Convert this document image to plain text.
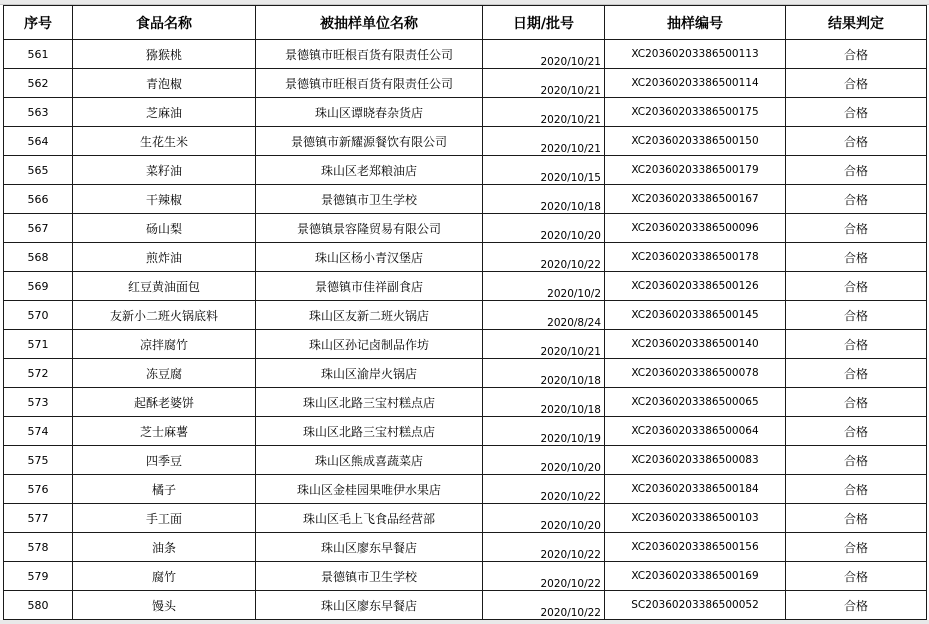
序号	食品名称	被抽样单位名称	日期/批号	抽样编号	结果判定
561	猕猴桃	景德镇市旺根百货有限责任公司	2020/10/21	XC20360203386500113	合格
562	青泡椒	景德镇市旺根百货有限责任公司	2020/10/21	XC20360203386500114	合格
563	芝麻油	珠山区谭晓春杂货店	2020/10/21	XC20360203386500175	合格
564	生花生米	景德镇市新耀源餐饮有限公司	2020/10/21	XC20360203386500150	合格
565	菜籽油	珠山区老郑粮油店	2020/10/15	XC20360203386500179	合格
566	干辣椒	景德镇市卫生学校	2020/10/18	XC20360203386500167	合格
567	砀山梨	景德镇景容隆贸易有限公司	2020/10/20	XC20360203386500096	合格
568	煎炸油	珠山区杨小青汉堡店	2020/10/22	XC20360203386500178	合格
569	红豆黄油面包	景德镇市佳祥副食店	2020/10/2	XC20360203386500126	合格
570	友新小二班火锅底料	珠山区友新二班火锅店	2020/8/24	XC20360203386500145	合格
571	凉拌腐竹	珠山区孙记卤制品作坊	2020/10/21	XC20360203386500140	合格
572	冻豆腐	珠山区渝岸火锅店	2020/10/18	XC20360203386500078	合格
573	起酥老婆饼	珠山区北路三宝村糕点店	2020/10/18	XC20360203386500065	合格
574	芝士麻薯	珠山区北路三宝村糕点店	2020/10/19	XC20360203386500064	合格
575	四季豆	珠山区熊成喜蔬菜店	2020/10/20	XC20360203386500083	合格
576	橘子	珠山区金桂园果唯伊水果店	2020/10/22	XC20360203386500184	合格
577	手工面	珠山区毛上飞食品经营部	2020/10/20	XC20360203386500103	合格
578	油条	珠山区廖东早餐店	2020/10/22	XC20360203386500156	合格
579	腐竹	景德镇市卫生学校	2020/10/22	XC20360203386500169	合格
580	馒头	珠山区廖东早餐店	2020/10/22	SC20360203386500052	合格
